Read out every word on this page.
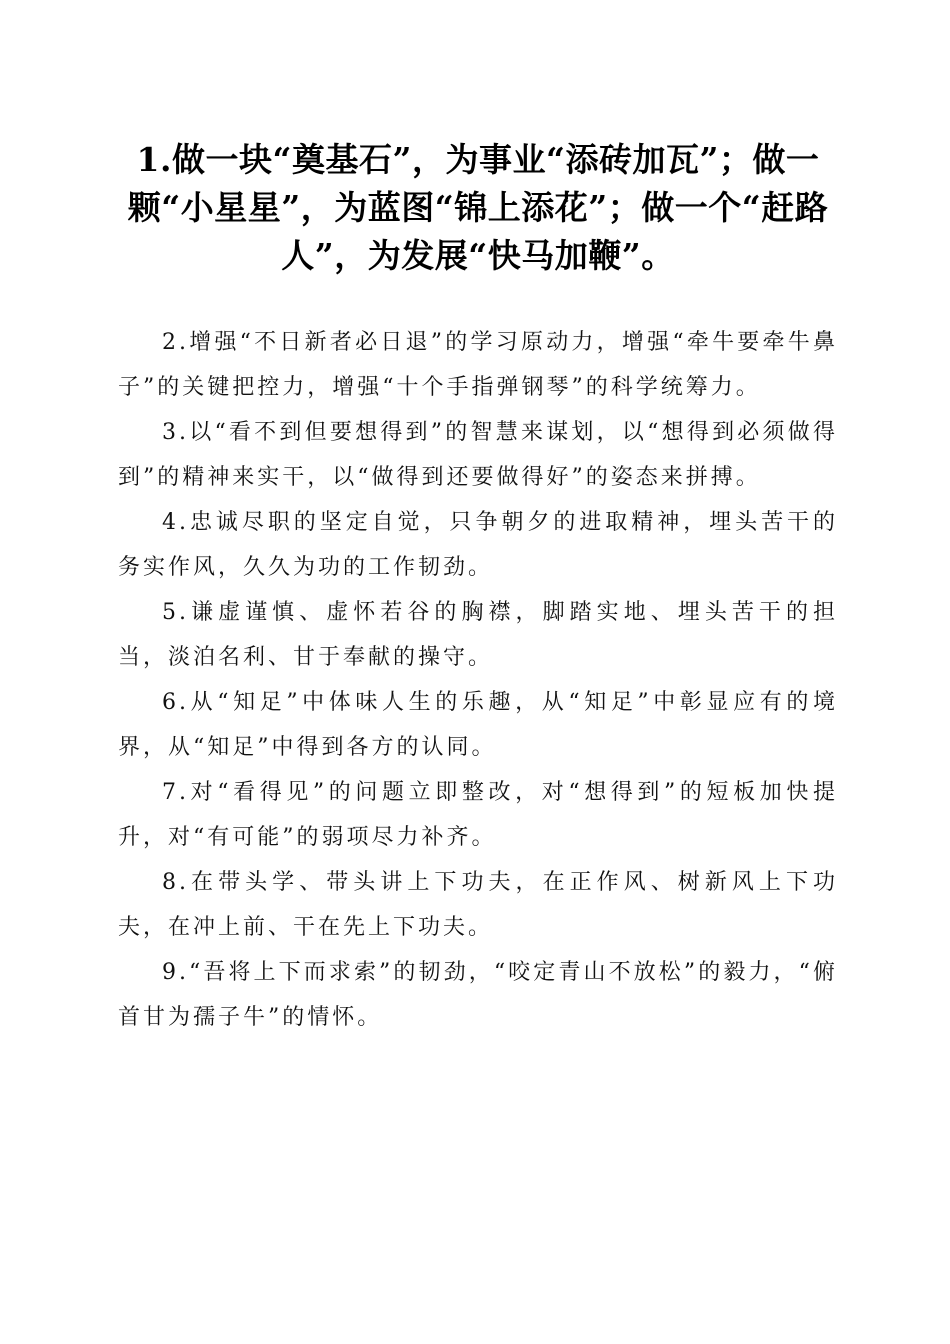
1.做一块“奠基石”，为事业“添砖加瓦”；做一颗“小星星”，为蓝图“锦上添花”；做一个“赶路人”，为发展“快马加鞭”。

2.增强“不日新者必日退”的学习原动力，增强“牵牛要牵牛鼻子”的关键把控力，增强“十个手指弹钢琴”的科学统筹力。

3.以“看不到但要想得到”的智慧来谋划，以“想得到必须做得到”的精神来实干，以“做得到还要做得好”的姿态来拼搏。

4.忠诚尽职的坚定自觉，只争朝夕的进取精神，埋头苦干的务实作风，久久为功的工作韧劲。

5.谦虚谨慎、虚怀若谷的胸襟，脚踏实地、埋头苦干的担当，淡泊名利、甘于奉献的操守。

6.从“知足”中体味人生的乐趣，从“知足”中彰显应有的境界，从“知足”中得到各方的认同。

7.对“看得见”的问题立即整改，对“想得到”的短板加快提升，对“有可能”的弱项尽力补齐。

8.在带头学、带头讲上下功夫，在正作风、树新风上下功夫，在冲上前、干在先上下功夫。

9.“吾将上下而求索”的韧劲，“咬定青山不放松”的毅力，“俯首甘为孺子牛”的情怀。
